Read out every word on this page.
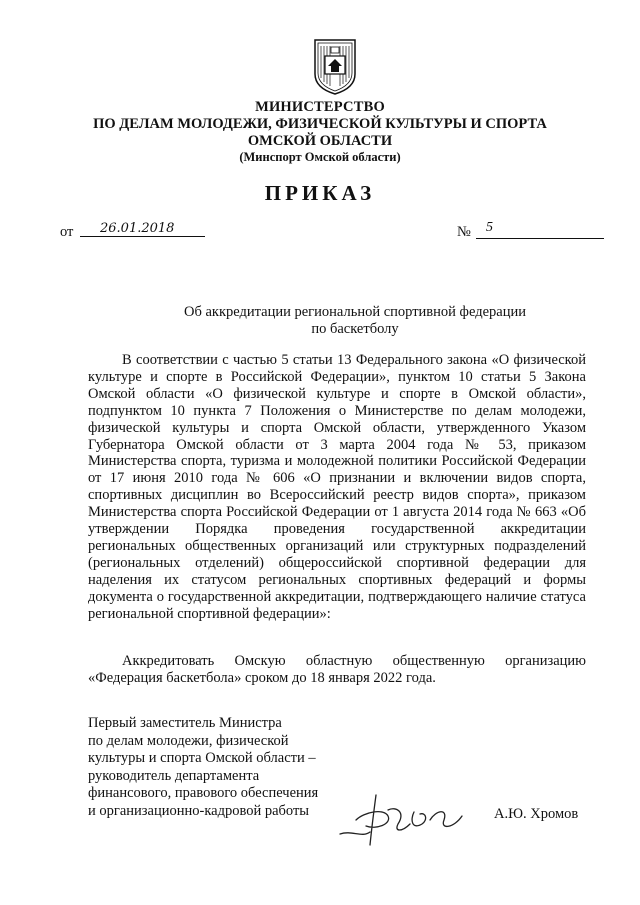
МИНИСТЕРСТВО
ПО ДЕЛАМ МОЛОДЕЖИ, ФИЗИЧЕСКОЙ КУЛЬТУРЫ И СПОРТА
ОМСКОЙ ОБЛАСТИ
(Минспорт Омской области)
ПРИКАЗ
от 26.01.2018	№ 5
Об аккредитации региональной спортивной федерации
по баскетболу
В соответствии с частью 5 статьи 13 Федерального закона «О физической культуре и спорте в Российской Федерации», пунктом 10 статьи 5 Закона Омской области «О физической культуре и спорте в Омской области», подпунктом 10 пункта 7 Положения о Министерстве по делам молодежи, физической культуры и спорта Омской области, утвержденного Указом Губернатора Омской области от 3 марта 2004 года № 53, приказом Министерства спорта, туризма и молодежной политики Российской Федерации от 17 июня 2010 года № 606 «О признании и включении видов спорта, спортивных дисциплин во Всероссийский реестр видов спорта», приказом Министерства спорта Российской Федерации от 1 августа 2014 года № 663 «Об утверждении Порядка проведения государственной аккредитации региональных общественных организаций или структурных подразделений (региональных отделений) общероссийской спортивной федерации для наделения их статусом региональных спортивных федераций и формы документа о государственной аккредитации, подтверждающего наличие статуса региональной спортивной федерации»:
Аккредитовать Омскую областную общественную организацию «Федерация баскетбола» сроком до 18 января 2022 года.
Первый заместитель Министра
по делам молодежи, физической
культуры и спорта Омской области –
руководитель департамента
финансового, правового обеспечения
и организационно-кадровой работы	А.Ю. Хромов
